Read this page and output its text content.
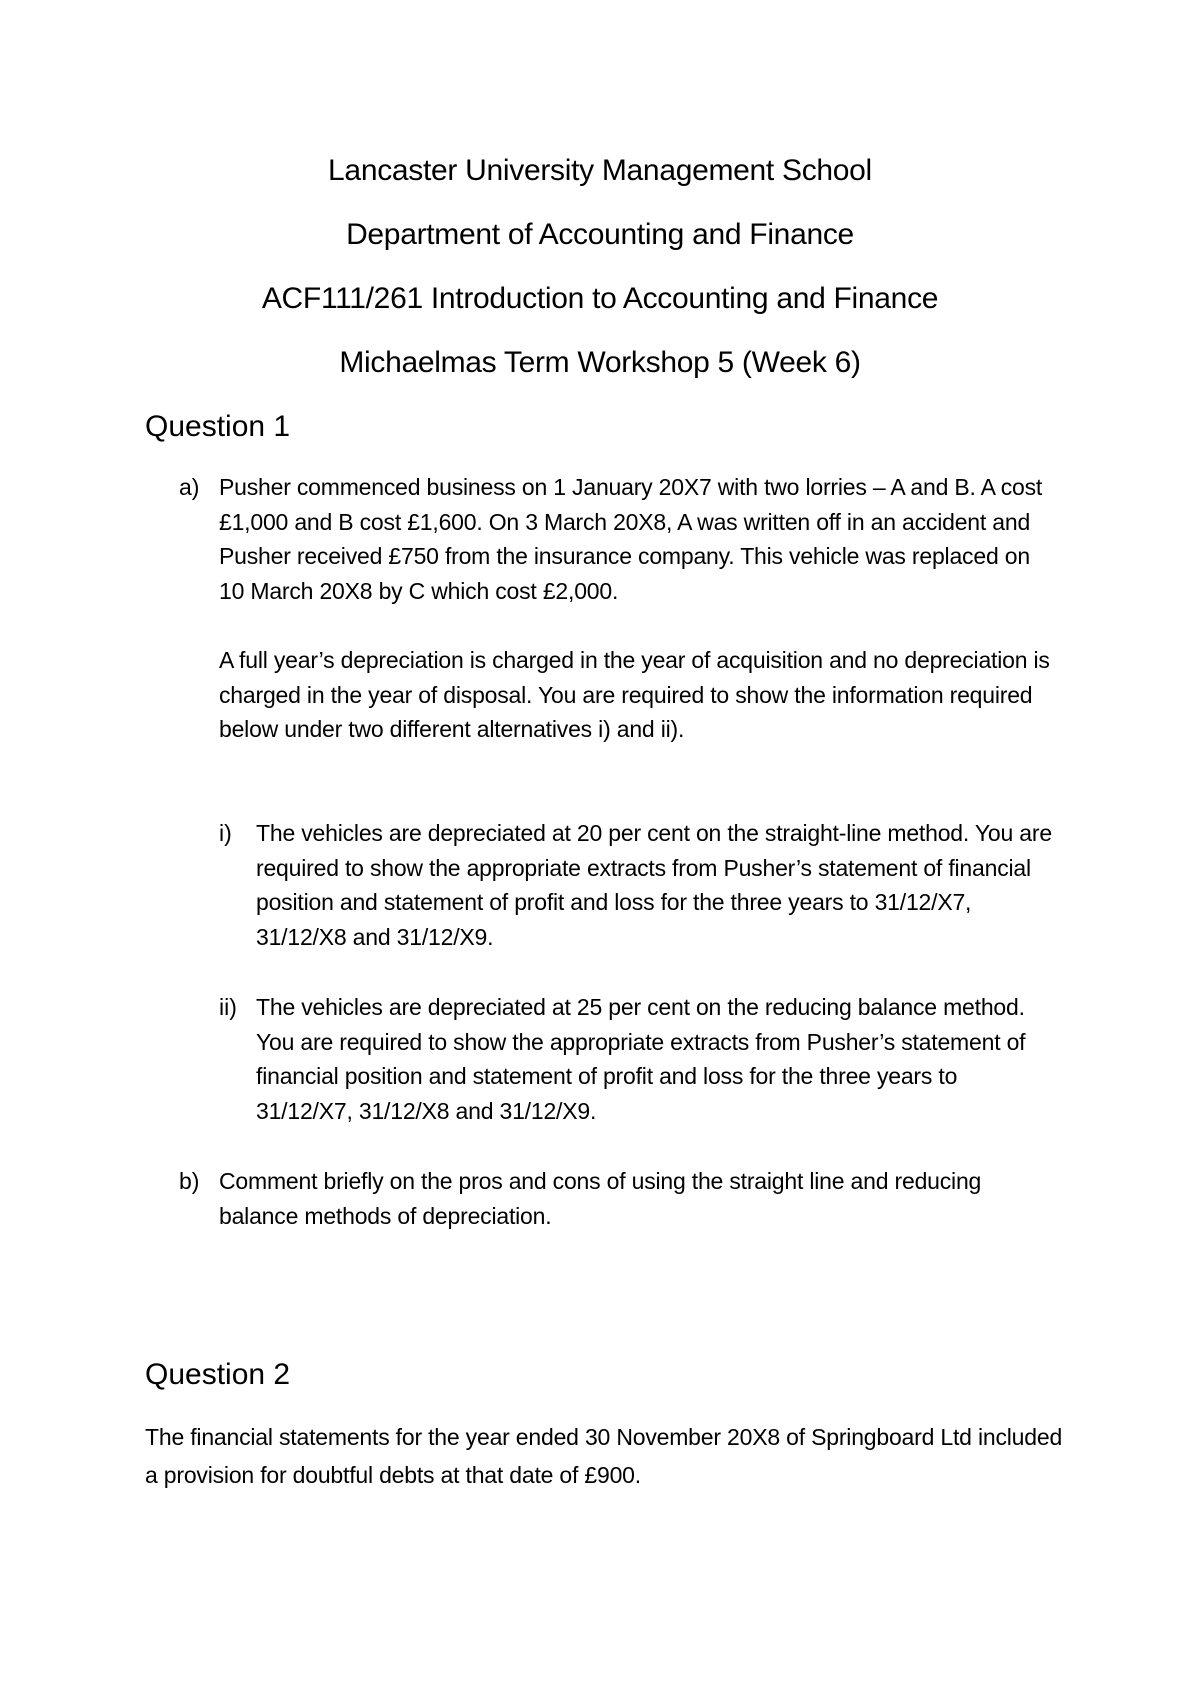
Lancaster University Management School

Department of Accounting and Finance

ACF111/261 Introduction to Accounting and Finance

Michaelmas Term Workshop 5 (Week 6)

Question 1

a) Pusher commenced business on 1 January 20X7 with two lorries – A and B. A cost £1,000 and B cost £1,600. On 3 March 20X8, A was written off in an accident and Pusher received £750 from the insurance company. This vehicle was replaced on 10 March 20X8 by C which cost £2,000.

A full year’s depreciation is charged in the year of acquisition and no depreciation is charged in the year of disposal. You are required to show the information required below under two different alternatives i) and ii).

i) The vehicles are depreciated at 20 per cent on the straight-line method. You are required to show the appropriate extracts from Pusher’s statement of financial position and statement of profit and loss for the three years to 31/12/X7, 31/12/X8 and 31/12/X9.

ii) The vehicles are depreciated at 25 per cent on the reducing balance method. You are required to show the appropriate extracts from Pusher’s statement of financial position and statement of profit and loss for the three years to 31/12/X7, 31/12/X8 and 31/12/X9.

b) Comment briefly on the pros and cons of using the straight line and reducing balance methods of depreciation.

Question 2

The financial statements for the year ended 30 November 20X8 of Springboard Ltd included a provision for doubtful debts at that date of £900.
